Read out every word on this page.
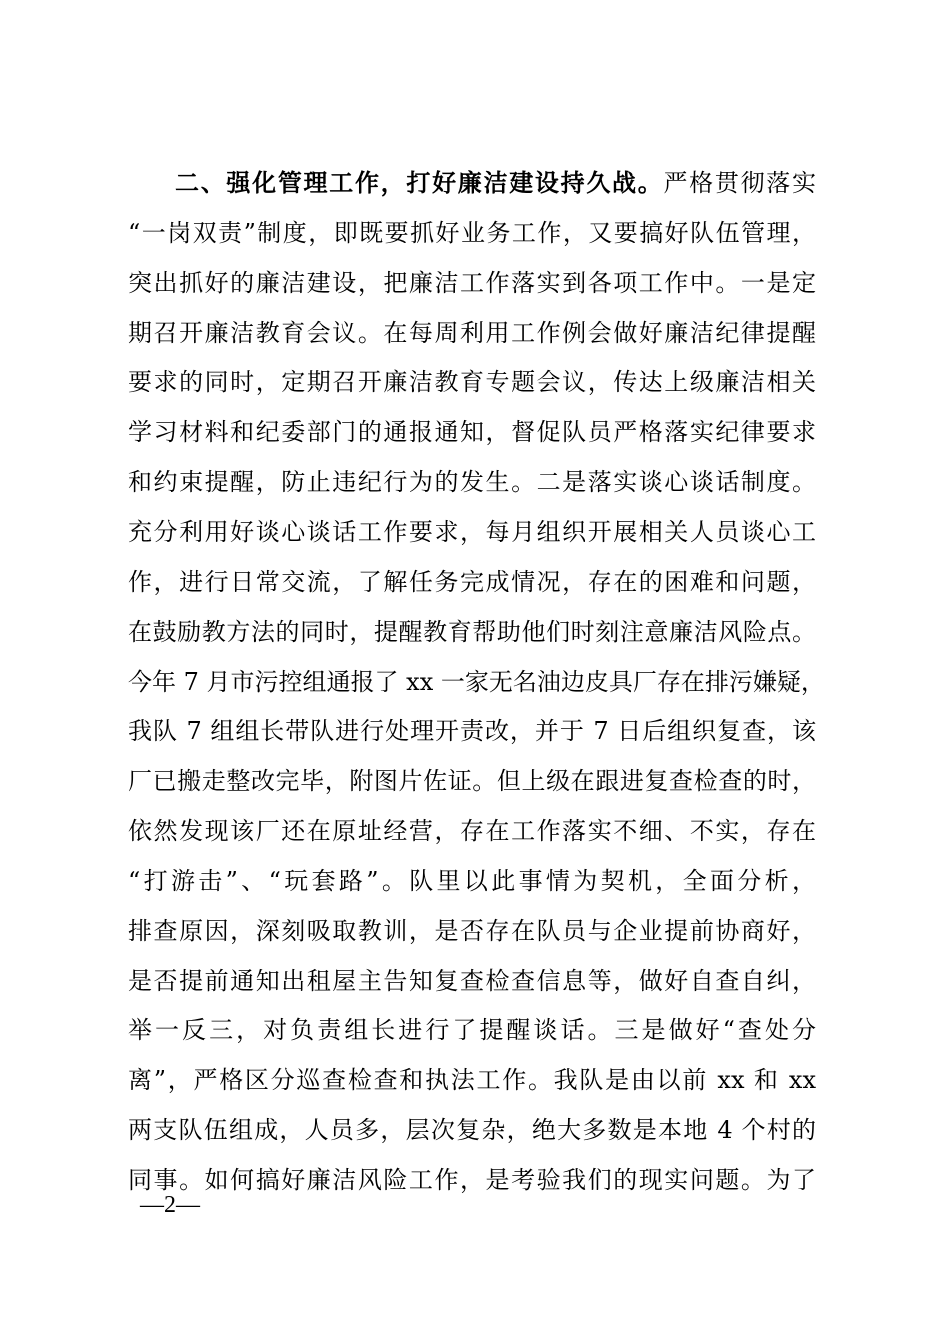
二、强化管理工作，打好廉洁建设持久战。严格贯彻落实
“一岗双责”制度，即既要抓好业务工作，又要搞好队伍管理，
突出抓好的廉洁建设，把廉洁工作落实到各项工作中。一是定
期召开廉洁教育会议。在每周利用工作例会做好廉洁纪律提醒
要求的同时，定期召开廉洁教育专题会议，传达上级廉洁相关
学习材料和纪委部门的通报通知，督促队员严格落实纪律要求
和约束提醒，防止违纪行为的发生。二是落实谈心谈话制度。
充分利用好谈心谈话工作要求，每月组织开展相关人员谈心工
作，进行日常交流，了解任务完成情况，存在的困难和问题，
在鼓励教方法的同时，提醒教育帮助他们时刻注意廉洁风险点。
今年 7 月市污控组通报了 xx 一家无名油边皮具厂存在排污嫌疑，
我队 7 组组长带队进行处理开责改，并于 7 日后组织复查，该
厂已搬走整改完毕，附图片佐证。但上级在跟进复查检查的时，
依然发现该厂还在原址经营，存在工作落实不细、不实，存在
“打游击”、“玩套路”。队里以此事情为契机，全面分析，
排查原因，深刻吸取教训，是否存在队员与企业提前协商好，
是否提前通知出租屋主告知复查检查信息等，做好自查自纠，
举一反三，对负责组长进行了提醒谈话。三是做好“查处分
离”，严格区分巡查检查和执法工作。我队是由以前 xx 和 xx
两支队伍组成，人员多，层次复杂，绝大多数是本地 4 个村的
同事。如何搞好廉洁风险工作，是考验我们的现实问题。为了
—2—
